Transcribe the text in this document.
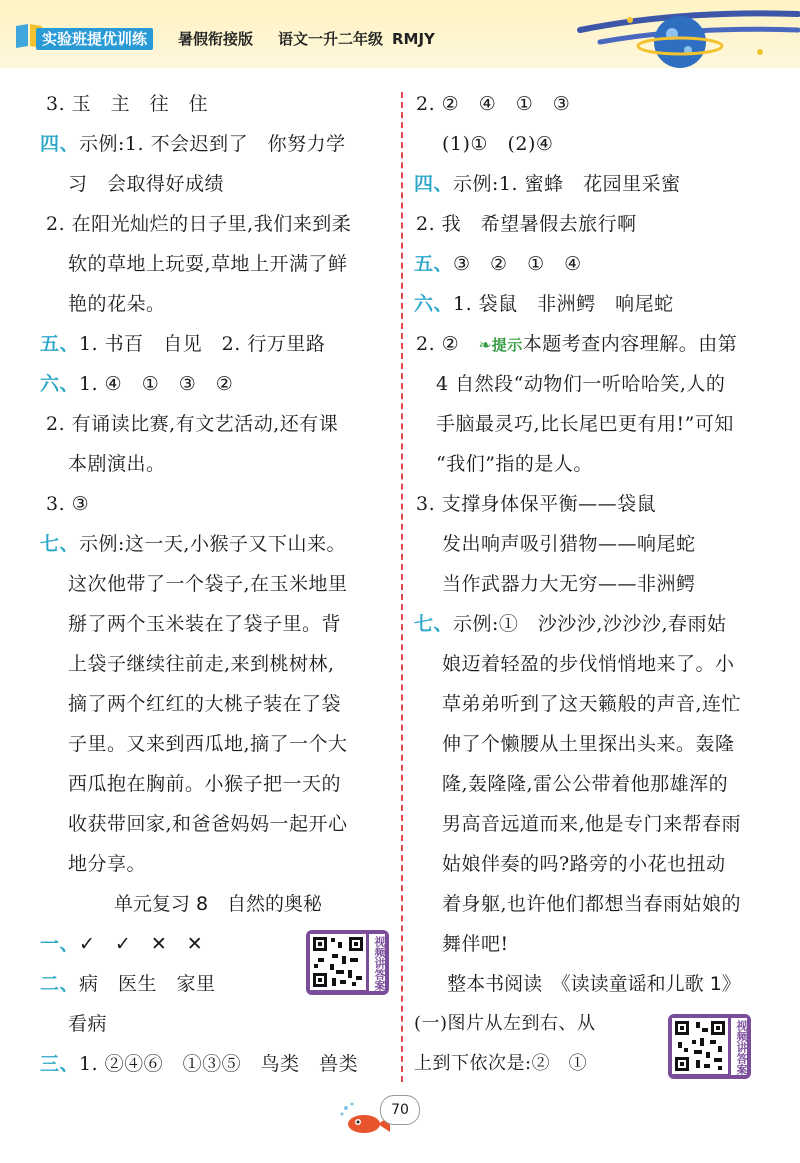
实验班提优训练	暑假衔接版 语文一升二年级 RMJY
3. 玉　主　往　住
四、示例:1. 不会迟到了　你努力学
习　会取得好成绩
2. 在阳光灿烂的日子里,我们来到柔
软的草地上玩耍,草地上开满了鲜
艳的花朵。
五、1. 书百　自见　2. 行万里路
六、1. ④　①　③　②
2. 有诵读比赛,有文艺活动,还有课
本剧演出。
3. ③
七、示例:这一天,小猴子又下山来。
这次他带了一个袋子,在玉米地里
掰了两个玉米装在了袋子里。背
上袋子继续往前走,来到桃树林,
摘了两个红红的大桃子装在了袋
子里。又来到西瓜地,摘了一个大
西瓜抱在胸前。小猴子把一天的
收获带回家,和爸爸妈妈一起开心
地分享。
单元复习 8　自然的奥秘
一、✓　✓　✕　✕
二、病　医生　家里
看病
三、1. ②④⑥　①③⑤　鸟类　兽类
视频讲答案
2. ②　④　①　③
(1)①　(2)④
四、示例:1. 蜜蜂　花园里采蜜
2. 我　希望暑假去旅行啊
五、③　②　①　④
六、1. 袋鼠　非洲鳄　响尾蛇
2. ②　❧提示本题考查内容理解。由第
4 自然段“动物们一听哈哈笑,人的
手脑最灵巧,比长尾巴更有用!”可知
“我们”指的是人。
3. 支撑身体保平衡——袋鼠
发出响声吸引猎物——响尾蛇
当作武器力大无穷——非洲鳄
七、示例:①　沙沙沙,沙沙沙,春雨姑
娘迈着轻盈的步伐悄悄地来了。小
草弟弟听到了这天籁般的声音,连忙
伸了个懒腰从土里探出头来。轰隆
隆,轰隆隆,雷公公带着他那雄浑的
男高音远道而来,他是专门来帮春雨
姑娘伴奏的吗?路旁的小花也扭动
着身躯,也许他们都想当春雨姑娘的
舞伴吧!
整本书阅读　《读读童谣和儿歌 1》
(一)图片从左到右、从
上到下依次是:②　①	视频讲答案
70
